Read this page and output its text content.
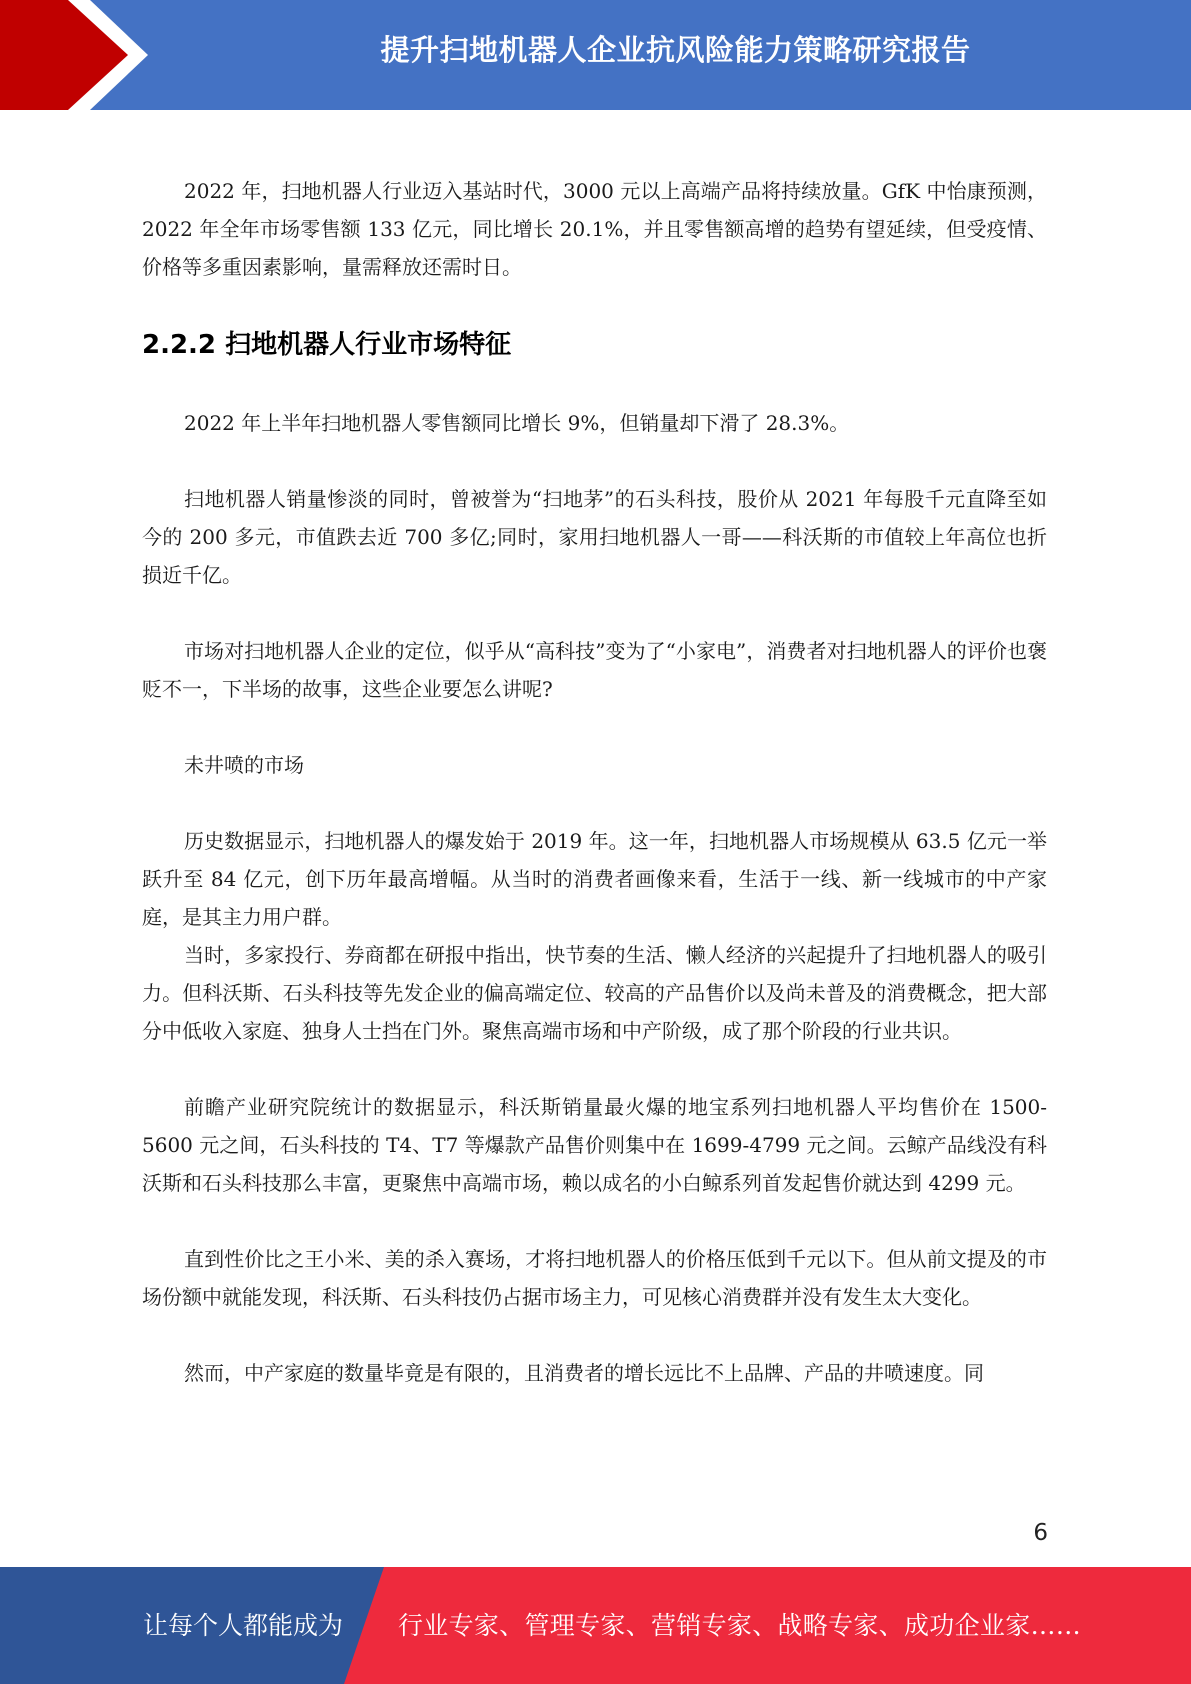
提升扫地机器人企业抗风险能力策略研究报告

2022 年，扫地机器人行业迈入基站时代，3000 元以上高端产品将持续放量。GfK 中怡康预测，2022 年全年市场零售额 133 亿元，同比增长 20.1%，并且零售额高增的趋势有望延续，但受疫情、价格等多重因素影响，量需释放还需时日。

2.2.2 扫地机器人行业市场特征

2022 年上半年扫地机器人零售额同比增长 9%，但销量却下滑了 28.3%。

扫地机器人销量惨淡的同时，曾被誉为“扫地茅”的石头科技，股价从 2021 年每股千元直降至如今的 200 多元，市值跌去近 700 多亿;同时，家用扫地机器人一哥——科沃斯的市值较上年高位也折损近千亿。

市场对扫地机器人企业的定位，似乎从“高科技”变为了“小家电”，消费者对扫地机器人的评价也褒贬不一，下半场的故事，这些企业要怎么讲呢?

未井喷的市场

历史数据显示，扫地机器人的爆发始于 2019 年。这一年，扫地机器人市场规模从 63.5 亿元一举跃升至 84 亿元，创下历年最高增幅。从当时的消费者画像来看，生活于一线、新一线城市的中产家庭，是其主力用户群。

当时，多家投行、券商都在研报中指出，快节奏的生活、懒人经济的兴起提升了扫地机器人的吸引力。但科沃斯、石头科技等先发企业的偏高端定位、较高的产品售价以及尚未普及的消费概念，把大部分中低收入家庭、独身人士挡在门外。聚焦高端市场和中产阶级，成了那个阶段的行业共识。

前瞻产业研究院统计的数据显示，科沃斯销量最火爆的地宝系列扫地机器人平均售价在 1500-5600 元之间，石头科技的 T4、T7 等爆款产品售价则集中在 1699-4799 元之间。云鲸产品线没有科沃斯和石头科技那么丰富，更聚焦中高端市场，赖以成名的小白鲸系列首发起售价就达到 4299 元。

直到性价比之王小米、美的杀入赛场，才将扫地机器人的价格压低到千元以下。但从前文提及的市场份额中就能发现，科沃斯、石头科技仍占据市场主力，可见核心消费群并没有发生太大变化。

然而，中产家庭的数量毕竟是有限的，且消费者的增长远比不上品牌、产品的井喷速度。同

6
让每个人都能成为 行业专家、管理专家、营销专家、战略专家、成功企业家……
